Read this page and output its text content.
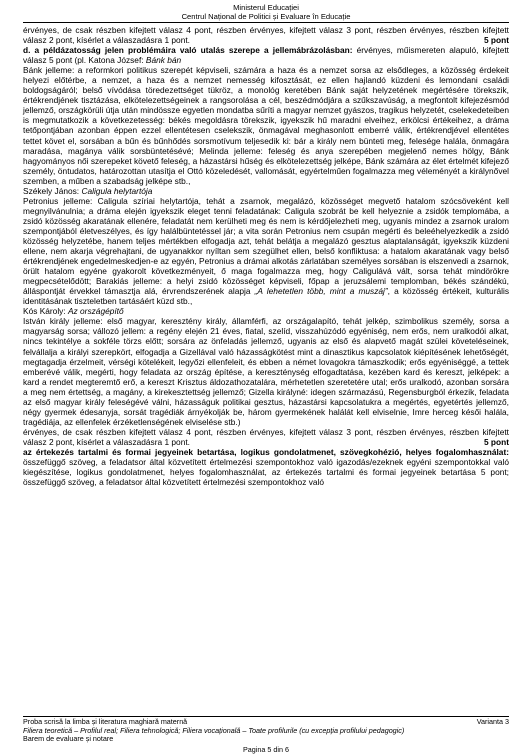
Ministerul Educației
Centrul Național de Politici și Evaluare în Educație

érvényes, de csak részben kifejtett válasz 4 pont, részben érvényes, kifejtett válasz 3 pont, részben érvényes, részben kifejtett válasz 2 pont, kísérlet a válaszadásra 1 pont.	5 pont

d. a példázatosság jelen problémáira való utalás szerepe a jellemábrázolásban: érvényes, műismereten alapuló, kifejtett válasz 5 pont (pl. Katona József: Bánk bán

Bánk jelleme: a reformkori politikus szerepét képviseli, számára a haza és a nemzet sorsa az elsődleges, a közösség érdekeit helyezi előtérbe, a nemzet, a haza és a nemzet nemesség kifosztását, ez ellen hajlandó küzdeni és lemondani családi boldogságáról; belső vívódása töredezettséget tükröz, a monológ keretében Bánk saját helyzetének megértésére törekszik, értékrendjének tisztázása, elkötelezettségeinek a rangsorolása a cél, beszédmódjára a szűkszavúság, a megfontolt kifejezésmód jellemző, országkörüli útja után mindössze egyetlen mondatba sűríti a magyar nemzet gyászos, tragikus helyzetét, cselekedeteiben is megmutatkozik a következetesség: békés megoldásra törekszik, igyekszik hű maradni elveihez, erkölcsi értékeihez, a dráma tetőpontjában azonban éppen ezzel ellentétesen cselekszik, önmagával meghasonlott emberré válik, értékrendjével ellentétes tettet követ el, sorsában a bűn és bűnhődés sorsmotívum teljesedik ki: bár a király nem bünteti meg, felesége halála, önmagára maradása, magánya válik sorsbüntetésévé; Melinda jelleme: feleség és anya szerepében megjelenő nemes hölgy, Bánk hagyományos női szerepeket követő feleség, a házastársi hűség és elkötelezettség jelképe, Bánk számára az élet értelmét kifejező személy, öntudatos, határozottan utasítja el Ottó közeledését, vallomását, egyértelműen fogalmazza meg véleményét a királynővel szemben, a műben a szabadság jelképe stb.,

Székely János: Caligula helytartója

Petronius jelleme: Caligula szíriai helytartója, tehát a zsarnok, megalázó, közösséget megvető hatalom szócsöveként kell megnyilvánulnia; a dráma elején igyekszik eleget tenni feladatának: Caligula szobrát be kell helyeznie a zsidók templomába, a zsidó közösség akaratának ellenére, feladatát nem kerülheti meg és nem is kérdőjelezheti meg, ugyanis mindez a zsarnok uralom szempontjából életveszélyes, és így halálbüntetéssel jár; a vita során Petronius nem csupán megérti és beleéhelyezkedik a zsidó közösség helyzetébe, hanem teljes mértékben elfogadja azt, tehát belátja a megalázó gesztus alaptalanságát, igyekszik küzdeni ellene, nem akarja végrehajtani, de ugyanakkor nyíltan sem szegülhet ellen, belső konfliktusa: a hatalom akaratának vagy belső értékrendjének engedelmeskedjen-e az egyén, Petronius a drámai alkotás zárlatában személyes sorsában is elszenvedi a zsarnok, örült hatalom egyéne gyakorolt következményeit, ő maga fogalmazza meg, hogy Caligulává vált, sorsa tehát mindörökre megpecsételődött; Barakiás jelleme: a helyi zsidó közösséget képviseli, főpap a jeruzsálemi templomban, békés szándékú, álláspontját érvekkel támasztja alá, érvrendszerének alapja „A lehetetlen több, mint a muszáj”, a közösség értékeit, kulturális identitásának tiszteletben tartásáért küzd stb.,

Kós Károly: Az országépítő

István király jelleme: első magyar, keresztény király, államférfi, az országalapító, tehát jelkép, szimbolikus személy, sorsa a magyarság sorsa; vállozó jellem: a regény elején 21 éves, fiatal, szelíd, visszahúzódó egyéniség, nem erős, nem uralkodói alkat, nincs tekintélye a sokféle törzs előtt; sorsára az önfeladás jellemző, ugyanis az első és alapvető magát szülei követeléseinek, felvállalja a királyi szerepkört, elfogadja a Gizellával való házasságkötést mint a dinasztikus kapcsolatok kiépítésének lehetőségét, megtagadja érzelmeit, vérségi kötelékeit, legyőzi ellenfeleit, és ebben a német lovagokra támaszkodik; erős egyéniséggé, a tettek emberévé válik, megérti, hogy feladata az ország építése, a kereszténység elfogadtatása, kezében kard és kereszt, jelképek: a kard a rendet megteremtő erő, a kereszt Krisztus áldozathozatalára, mérhetetlen szeretetére utal; erős uralkodó, azonban sorsára a meg nem értettség, a magány, a kirekesztettség jellemző; Gizella királyné: idegen származású, Regensburgból érkezik, feladata az első magyar király feleségévé válni, házasságuk politikai gesztus, házastársi kapcsolatukra a megértés, egyetértés jellemző, négy gyermek édesanyja, sorsát tragédiák árnyékolják be, három gyermekének halálát kell elviselnie, Imre herceg késői halála, tragédiája, az ellenfelek érzéketlenségének elviselése stb.)

érvényes, de csak részben kifejtett válasz 4 pont, részben érvényes, kifejtett válasz 3 pont, részben érvényes, részben kifejtett válasz 2 pont, kísérlet a válaszadásra 1 pont.	5 pont

az értekezés tartalmi és formai jegyeinek betartása, logikus gondolatmenet, szövegkohézió, helyes fogalomhasználat: összefüggő szöveg, a feladatsor által közvetített értelmezési szempontokhoz való igazodás/ezeknek egyéni szempontokkal való kiegészítése, logikus gondolatmenet, helyes fogalomhasználat, az értekezés tartalmi és formai jegyeinek betartása 5 pont; összefüggő szöveg, a feladatsor által közvetített értelmezési szempontokhoz való

Proba scrisă la limba și literatura maghiară maternă	Varianta 3
Filiera teoretică – Profilul real; Filiera tehnologică; Filiera vocațională – Toate profilurile (cu excepția profilului pedagogic)
Barem de evaluare și notare
Pagina 5 din 6
